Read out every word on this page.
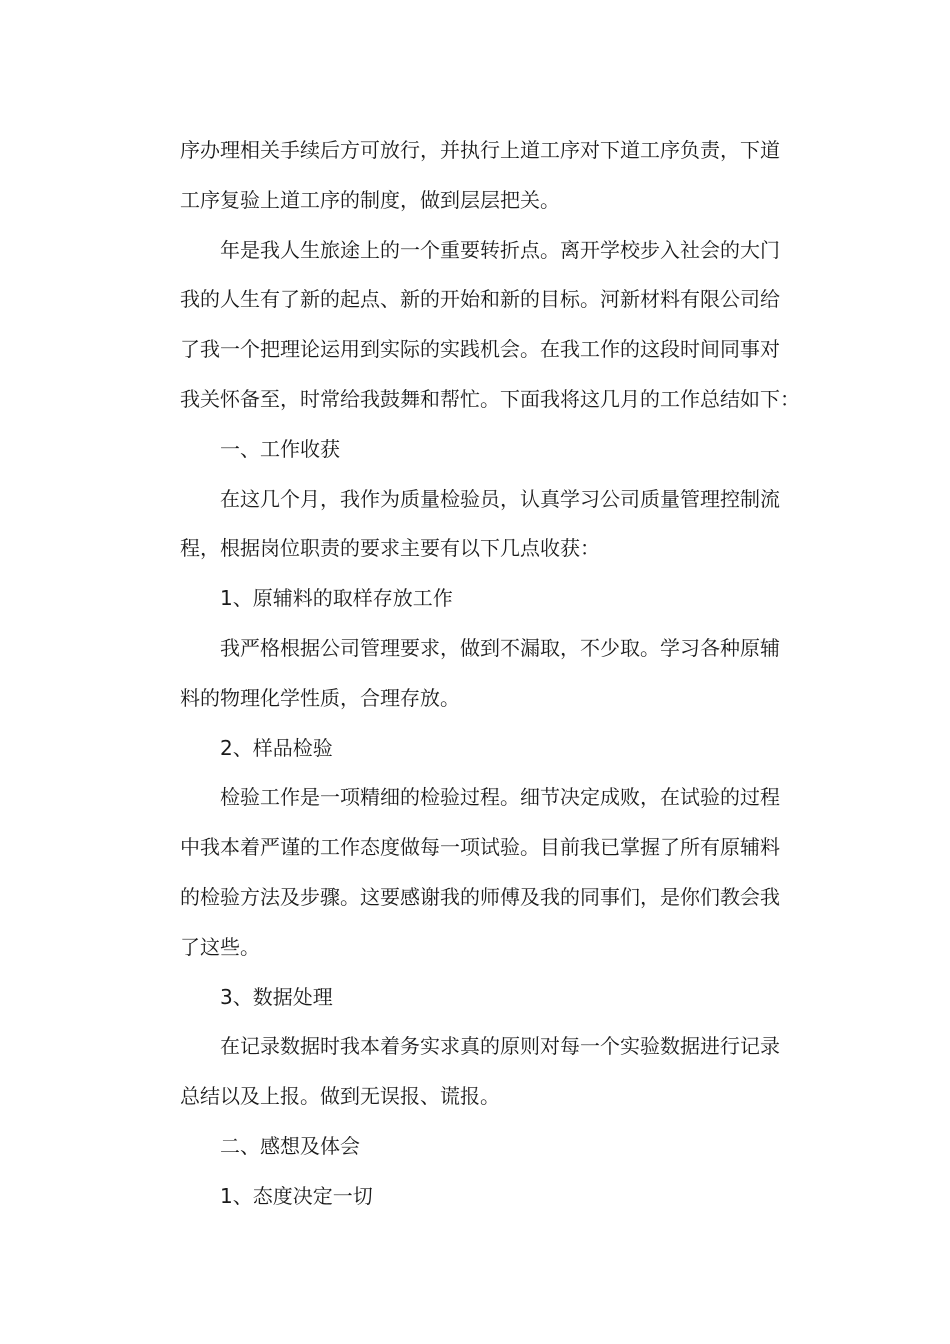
序办理相关手续后方可放行，并执行上道工序对下道工序负责，下道
工序复验上道工序的制度，做到层层把关。
年是我人生旅途上的一个重要转折点。离开学校步入社会的大门
我的人生有了新的起点、新的开始和新的目标。河新材料有限公司给
了我一个把理论运用到实际的实践机会。在我工作的这段时间同事对
我关怀备至，时常给我鼓舞和帮忙。下面我将这几月的工作总结如下：
一、工作收获
在这几个月，我作为质量检验员，认真学习公司质量管理控制流
程，根据岗位职责的要求主要有以下几点收获：
1、原辅料的取样存放工作
我严格根据公司管理要求，做到不漏取，不少取。学习各种原辅
料的物理化学性质，合理存放。
2、样品检验
检验工作是一项精细的检验过程。细节决定成败，在试验的过程
中我本着严谨的工作态度做每一项试验。目前我已掌握了所有原辅料
的检验方法及步骤。这要感谢我的师傅及我的同事们，是你们教会我
了这些。
3、数据处理
在记录数据时我本着务实求真的原则对每一个实验数据进行记录
总结以及上报。做到无误报、谎报。
二、感想及体会
1、态度决定一切
